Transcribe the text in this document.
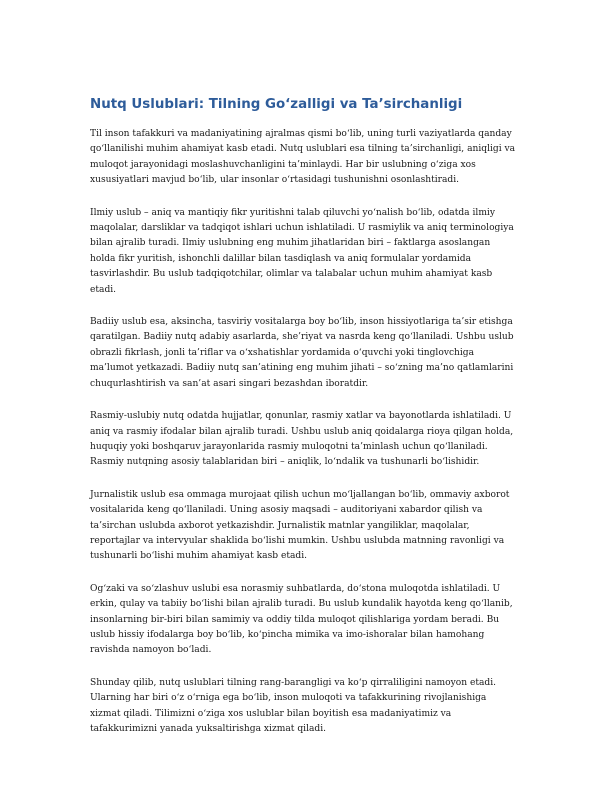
Nutq Uslublari: Tilning Go‘zalligi va Ta’sirchanligi

Til inson tafakkuri va madaniyatining ajralmas qismi bo‘lib, uning turli vaziyatlarda qanday
qo‘llanilishi muhim ahamiyat kasb etadi. Nutq uslublari esa tilning ta’sirchanligi, aniqligi va
muloqot jarayonidagi moslashuvchanligini ta’minlaydi. Har bir uslubning o‘ziga xos
xususiyatlari mavjud bo‘lib, ular insonlar o‘rtasidagi tushunishni osonlashtiradi.

Ilmiy uslub – aniq va mantiqiy fikr yuritishni talab qiluvchi yo‘nalish bo‘lib, odatda ilmiy
maqolalar, darsliklar va tadqiqot ishlari uchun ishlatiladi. U rasmiylik va aniq terminologiya
bilan ajralib turadi. Ilmiy uslubning eng muhim jihatlaridan biri – faktlarga asoslangan
holda fikr yuritish, ishonchli dalillar bilan tasdiqlash va aniq formulalar yordamida
tasvirlashdir. Bu uslub tadqiqotchilar, olimlar va talabalar uchun muhim ahamiyat kasb
etadi.

Badiiy uslub esa, aksincha, tasviriy vositalarga boy bo‘lib, inson hissiyotlariga ta’sir etishga
qaratilgan. Badiiy nutq adabiy asarlarda, she’riyat va nasrda keng qo‘llaniladi. Ushbu uslub
obrazli fikrlash, jonli ta’riflar va o‘xshatishlar yordamida o‘quvchi yoki tinglovchiga
ma’lumot yetkazadi. Badiiy nutq san’atining eng muhim jihati – so‘zning ma’no qatlamlarini
chuqurlashtirish va san’at asari singari bezashdan iboratdir.

Rasmiy-uslubiy nutq odatda hujjatlar, qonunlar, rasmiy xatlar va bayonotlarda ishlatiladi. U
aniq va rasmiy ifodalar bilan ajralib turadi. Ushbu uslub aniq qoidalarga rioya qilgan holda,
huquqiy yoki boshqaruv jarayonlarida rasmiy muloqotni ta’minlash uchun qo‘llaniladi.
Rasmiy nutqning asosiy talablaridan biri – aniqlik, lo‘ndalik va tushunarli bo‘lishidir.

Jurnalistik uslub esa ommaga murojaat qilish uchun mo‘ljallangan bo‘lib, ommaviy axborot
vositalarida keng qo‘llaniladi. Uning asosiy maqsadi – auditoriyani xabardor qilish va
ta’sirchan uslubda axborot yetkazishdir. Jurnalistik matnlar yangiliklar, maqolalar,
reportajlar va intervyular shaklida bo‘lishi mumkin. Ushbu uslubda matnning ravonligi va
tushunarli bo‘lishi muhim ahamiyat kasb etadi.

Og‘zaki va so‘zlashuv uslubi esa norasmiy suhbatlarda, do‘stona muloqotda ishlatiladi. U
erkin, qulay va tabiiy bo‘lishi bilan ajralib turadi. Bu uslub kundalik hayotda keng qo‘llanib,
insonlarning bir-biri bilan samimiy va oddiy tilda muloqot qilishlariga yordam beradi. Bu
uslub hissiy ifodalarga boy bo‘lib, ko‘pincha mimika va imo-ishoralar bilan hamohang
ravishda namoyon bo‘ladi.

Shunday qilib, nutq uslublari tilning rang-barangligi va ko‘p qirraliligini namoyon etadi.
Ularning har biri o‘z o‘rniga ega bo‘lib, inson muloqoti va tafakkurining rivojlanishiga
xizmat qiladi. Tilimizni o‘ziga xos uslublar bilan boyitish esa madaniyatimiz va
tafakkurimizni yanada yuksaltirishga xizmat qiladi.
